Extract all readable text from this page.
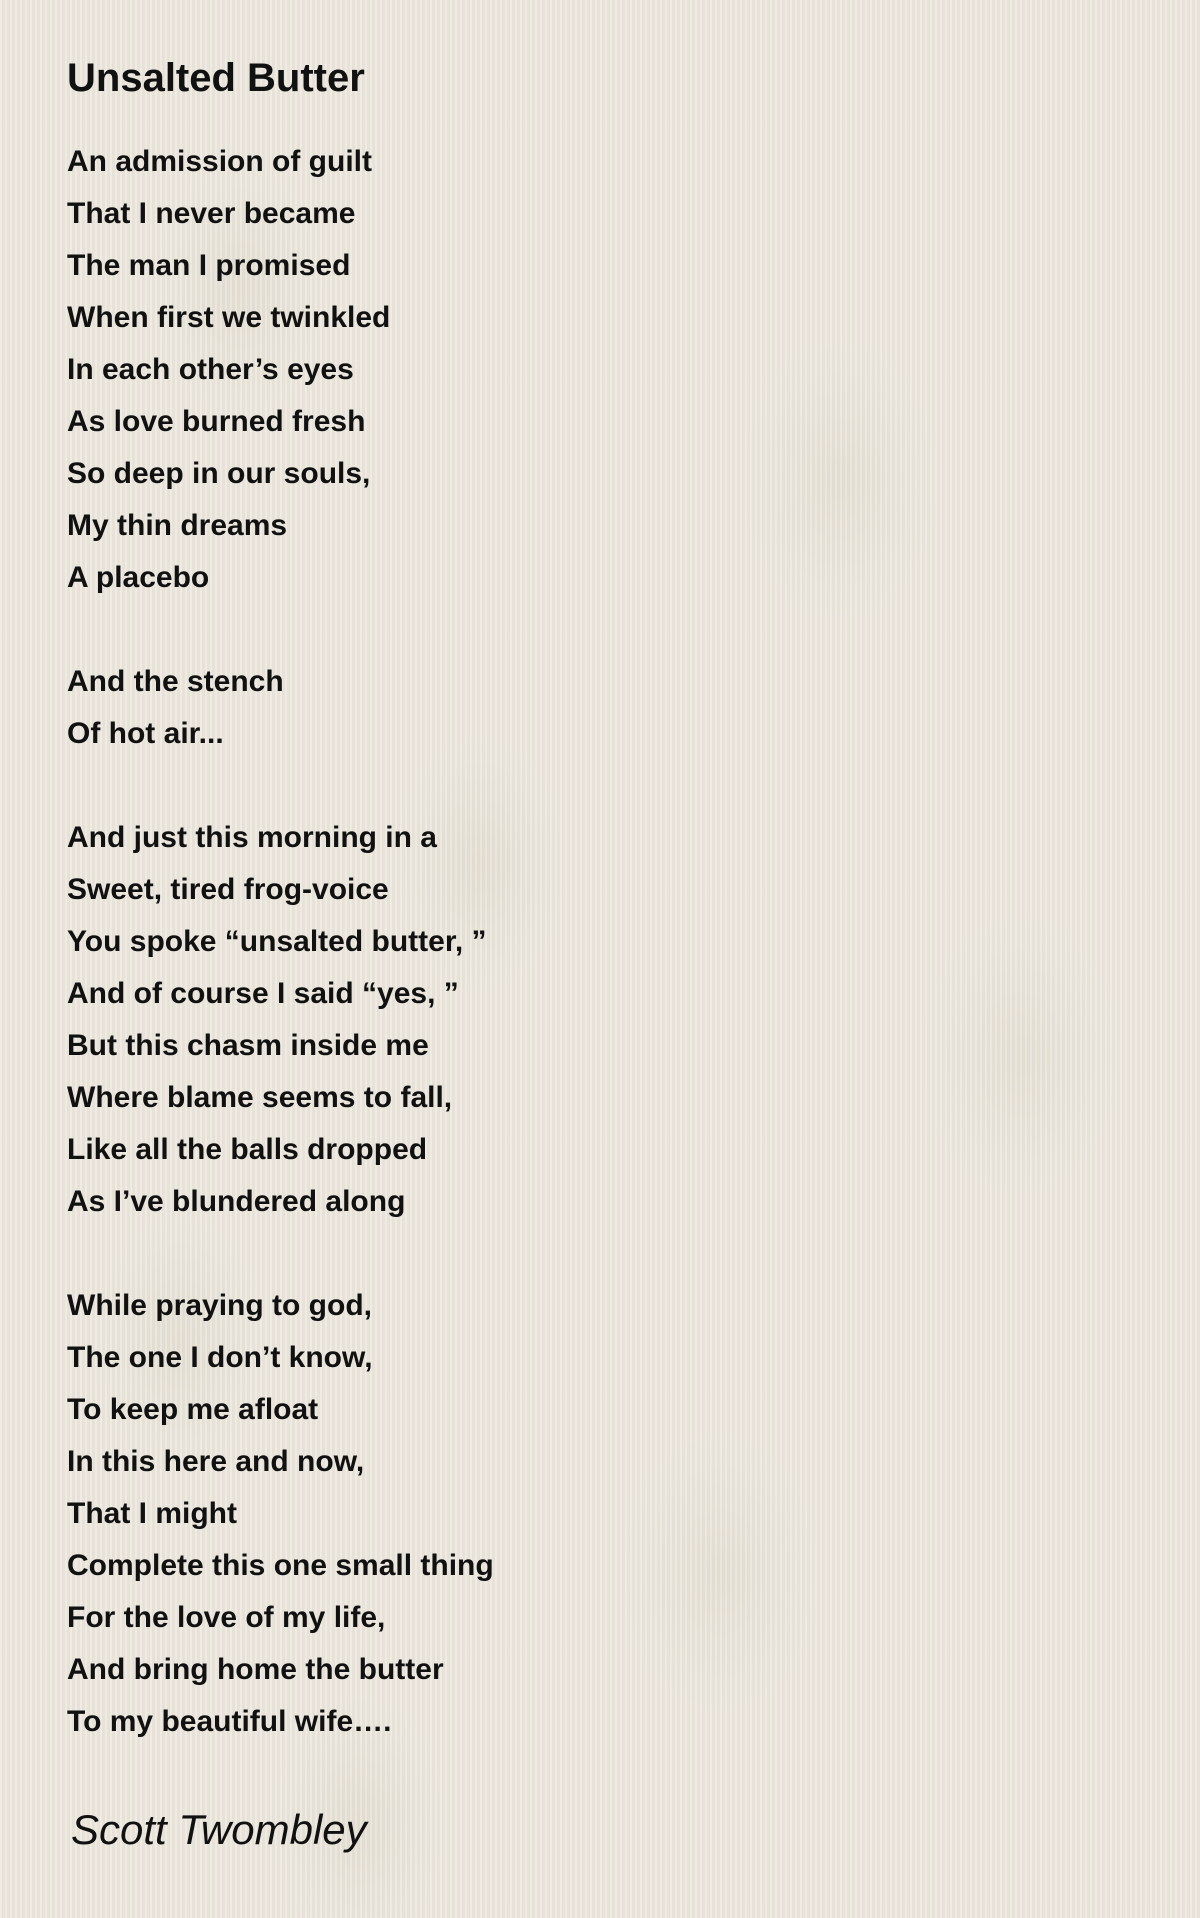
Unsalted Butter
An admission of guilt
That I never became
The man I promised
When first we twinkled
In each other’s eyes
As love burned fresh
So deep in our souls,
My thin dreams
A placebo
And the stench
Of hot air...
And just this morning in a
Sweet, tired frog-voice
You spoke “unsalted butter, ”
And of course I said “yes, ”
But this chasm inside me
Where blame seems to fall,
Like all the balls dropped
As I’ve blundered along
While praying to god,
The one I don’t know,
To keep me afloat
In this here and now,
That I might
Complete this one small thing
For the love of my life,
And bring home the butter
To my beautiful wife….
Scott Twombley
